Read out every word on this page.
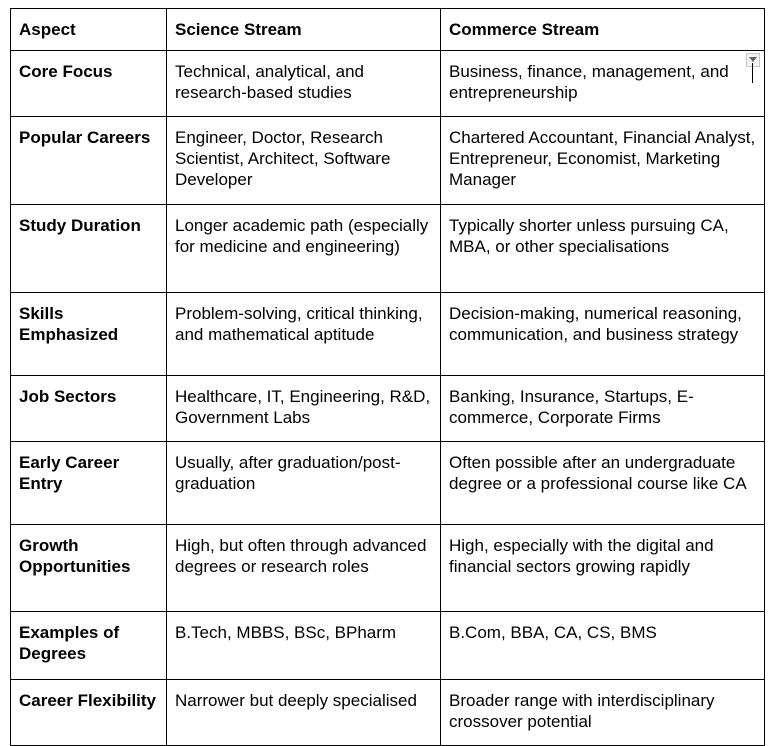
Aspect	Science Stream	Commerce Stream
Core Focus	Technical, analytical, and research-based studies	Business, finance, management, and entrepreneurship

Popular Careers	Engineer, Doctor, Research Scientist, Architect, Software Developer	Chartered Accountant, Financial Analyst, Entrepreneur, Economist, Marketing Manager
Study Duration	Longer academic path (especially for medicine and engineering)	Typically shorter unless pursuing CA, MBA, or other specialisations
Skills Emphasized	Problem-solving, critical thinking, and mathematical aptitude	Decision-making, numerical reasoning, communication, and business strategy
Job Sectors	Healthcare, IT, Engineering, R&D, Government Labs	Banking, Insurance, Startups, E-commerce, Corporate Firms
Early Career Entry	Usually, after graduation/post-graduation	Often possible after an undergraduate degree or a professional course like CA
Growth Opportunities	High, but often through advanced degrees or research roles	High, especially with the digital and financial sectors growing rapidly
Examples of Degrees	B.Tech, MBBS, BSc, BPharm	B.Com, BBA, CA, CS, BMS
Career Flexibility	Narrower but deeply specialised	Broader range with interdisciplinary crossover potential
